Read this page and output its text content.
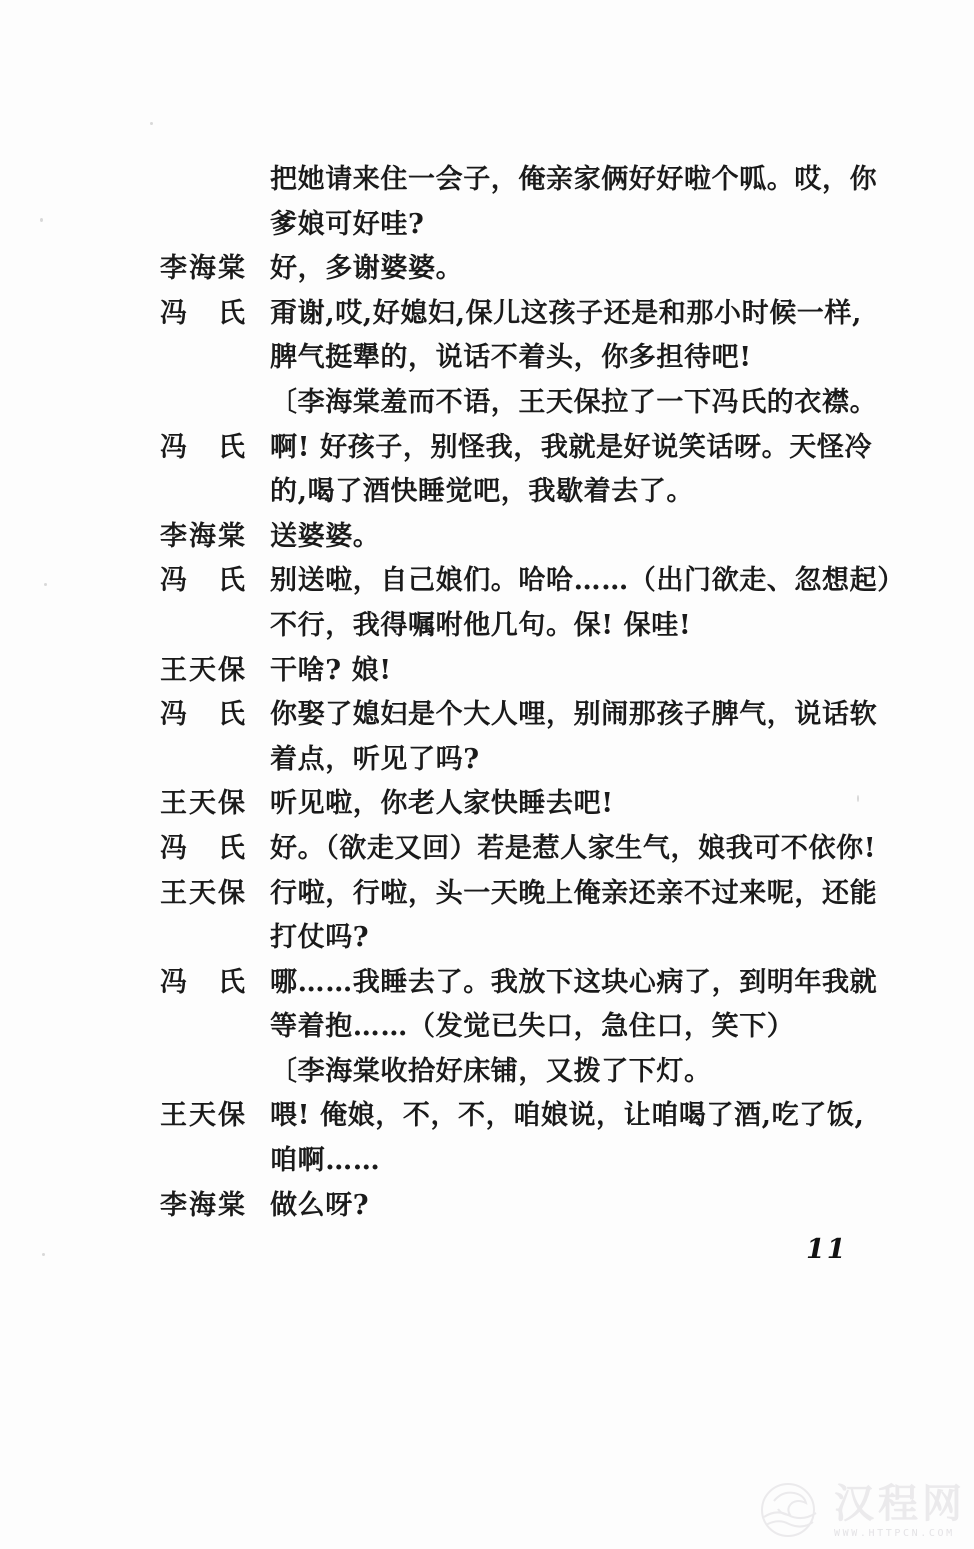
把她请来住一会子，俺亲家俩好好啦个呱。哎，你
爹娘可好哇?
李海棠 好，多谢婆婆。
冯　氏 甭谢,哎,好媳妇,保儿这孩子还是和那小时候一样,
脾气挺犟的，说话不着头，你多担待吧!
〔李海棠羞而不语，王天保拉了一下冯氏的衣襟。
冯　氏 啊! 好孩子，别怪我，我就是好说笑话呀。天怪冷
的,喝了酒快睡觉吧，我歇着去了。
李海棠 送婆婆。
冯　氏 别送啦，自己娘们。哈哈……（出门欲走、忽想起）
不行，我得嘱咐他几句。保! 保哇!
王天保 干啥? 娘!
冯　氏 你娶了媳妇是个大人哩，别闹那孩子脾气，说话软
着点，听见了吗?
王天保 听见啦，你老人家快睡去吧!
冯　氏 好。（欲走又回）若是惹人家生气，娘我可不依你!
王天保 行啦，行啦，头一天晚上俺亲还亲不过来呢，还能
打仗吗?
冯　氏 哪……我睡去了。我放下这块心病了，到明年我就
等着抱……（发觉已失口，急住口，笑下）
〔李海棠收拾好床铺，又拨了下灯。
王天保 喂! 俺娘，不，不，咱娘说，让咱喝了酒,吃了饭,
咱啊……
李海棠 做么呀?
11
汉程网
WWW.HTTPCN.COM
